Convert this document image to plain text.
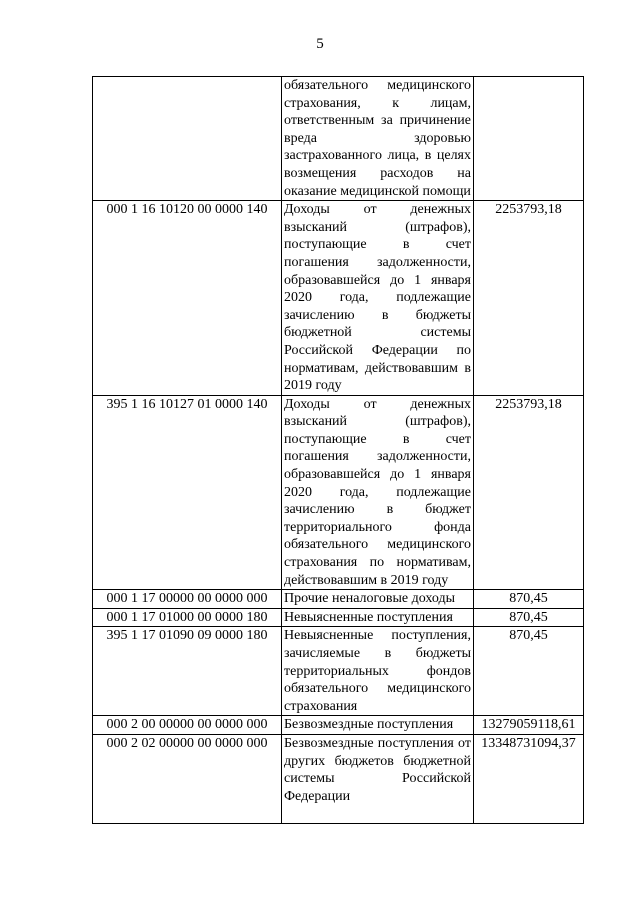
5

	обязательного медицинского страхования, к лицам, ответственным за причинение вреда здоровью застрахованного лица, в целях возмещения расходов на оказание медицинской помощи	

000 1 16 10120 00 0000 140	Доходы от денежных взысканий (штрафов), поступающие в счет погашения задолженности, образовавшейся до 1 января 2020 года, подлежащие зачислению в бюджеты бюджетной системы Российской Федерации по нормативам, действовавшим в 2019 году	2253793,18
395 1 16 10127 01 0000 140	Доходы от денежных взысканий (штрафов), поступающие в счет погашения задолженности, образовавшейся до 1 января 2020 года, подлежащие зачислению в бюджет территориального фонда обязательного медицинского страхования по нормативам, действовавшим в 2019 году	2253793,18
000 1 17 00000 00 0000 000	Прочие неналоговые доходы	870,45
000 1 17 01000 00 0000 180	Невыясненные поступления	870,45
395 1 17 01090 09 0000 180	Невыясненные поступления, зачисляемые в бюджеты территориальных фондов обязательного медицинского страхования	870,45
000 2 00 00000 00 0000 000	Безвозмездные поступления	13279059118,61
000 2 02 00000 00 0000 000	Безвозмездные поступления от других бюджетов бюджетной системы Российской Федерации	13348731094,37
